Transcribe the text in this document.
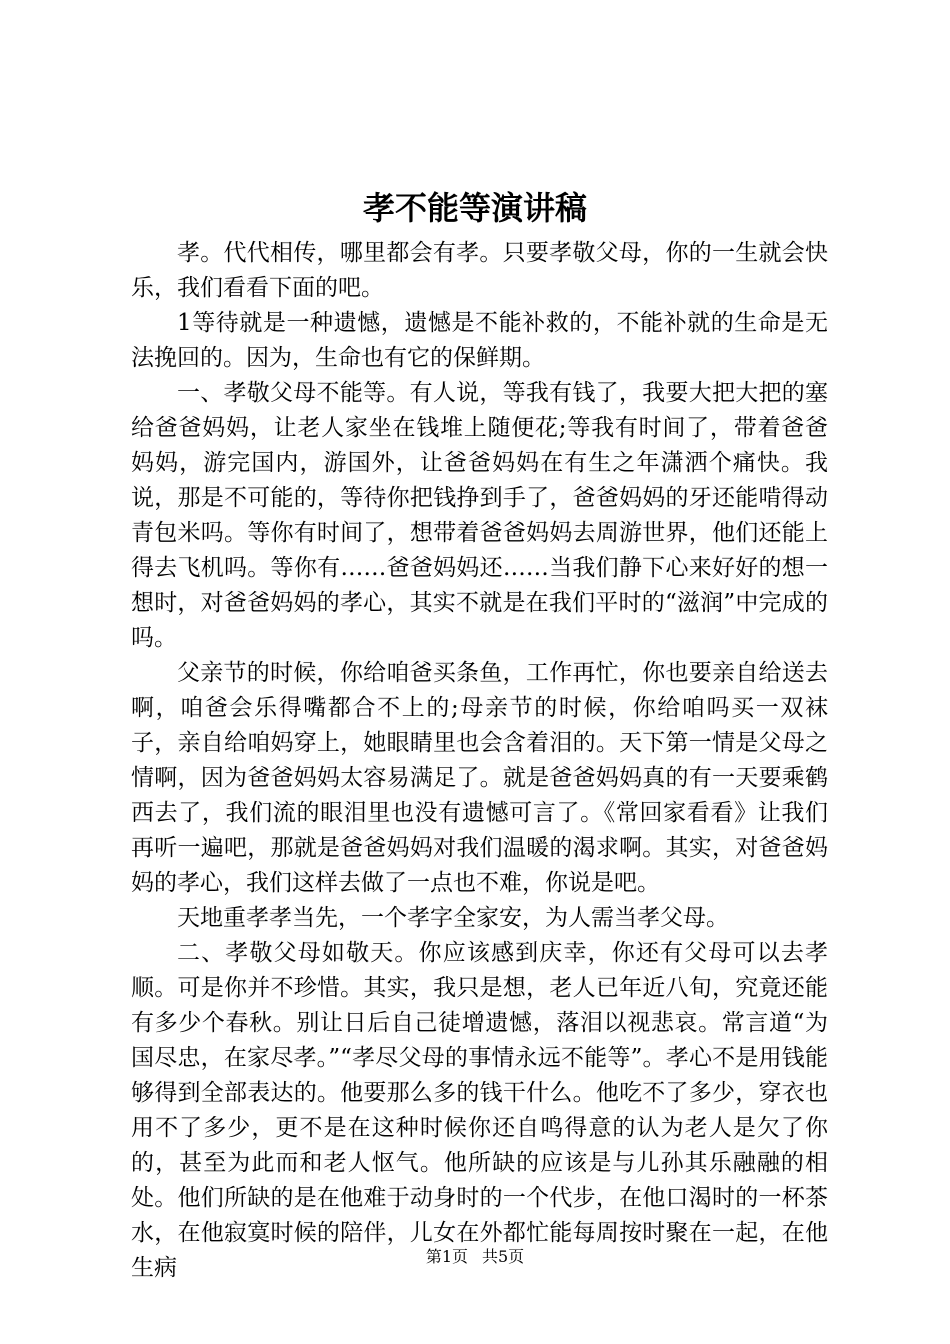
孝不能等演讲稿

孝。代代相传，哪里都会有孝。只要孝敬父母，你的一生就会快乐，我们看看下面的吧。

1等待就是一种遗憾，遗憾是不能补救的，不能补就的生命是无法挽回的。因为，生命也有它的保鲜期。

一、孝敬父母不能等。有人说，等我有钱了，我要大把大把的塞给爸爸妈妈，让老人家坐在钱堆上随便花;等我有时间了，带着爸爸妈妈，游完国内，游国外，让爸爸妈妈在有生之年潇洒个痛快。我说，那是不可能的，等待你把钱挣到手了，爸爸妈妈的牙还能啃得动青包米吗。等你有时间了，想带着爸爸妈妈去周游世界，他们还能上得去飞机吗。等你有……爸爸妈妈还……当我们静下心来好好的想一想时，对爸爸妈妈的孝心，其实不就是在我们平时的“滋润”中完成的吗。

父亲节的时候，你给咱爸买条鱼，工作再忙，你也要亲自给送去啊，咱爸会乐得嘴都合不上的;母亲节的时候，你给咱吗买一双袜子，亲自给咱妈穿上，她眼睛里也会含着泪的。天下第一情是父母之情啊，因为爸爸妈妈太容易满足了。就是爸爸妈妈真的有一天要乘鹤西去了，我们流的眼泪里也没有遗憾可言了。《常回家看看》让我们再听一遍吧，那就是爸爸妈妈对我们温暖的渴求啊。其实，对爸爸妈妈的孝心，我们这样去做了一点也不难，你说是吧。

天地重孝孝当先，一个孝字全家安，为人需当孝父母。

二、孝敬父母如敬天。你应该感到庆幸，你还有父母可以去孝顺。可是你并不珍惜。其实，我只是想，老人已年近八旬，究竟还能有多少个春秋。别让日后自己徒增遗憾，落泪以视悲哀。常言道“为国尽忠，在家尽孝。”“孝尽父母的事情永远不能等”。孝心不是用钱能够得到全部表达的。他要那么多的钱干什么。他吃不了多少，穿衣也用不了多少，更不是在这种时候你还自鸣得意的认为老人是欠了你的，甚至为此而和老人怄气。他所缺的应该是与儿孙其乐融融的相处。他们所缺的是在他难于动身时的一个代步，在他口渴时的一杯茶水，在他寂寞时候的陪伴，儿女在外都忙能每周按时聚在一起，在他生病	第1页 共5页
